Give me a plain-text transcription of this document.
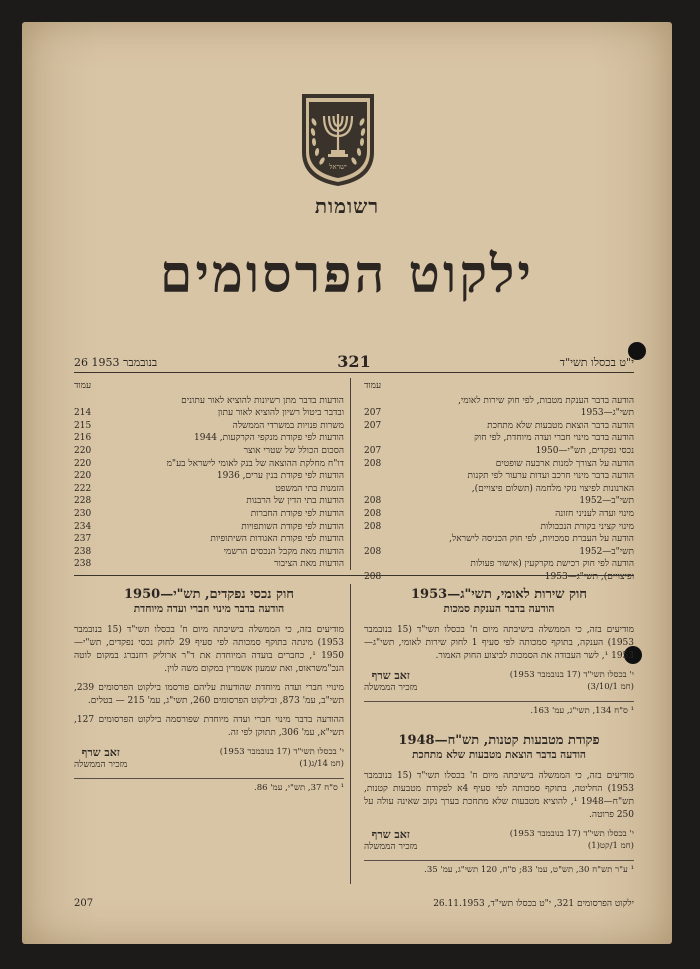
ישראל
רשומות
ילקוט הפרסומים
26 בנובמבר 1953	321	י"ט בכסלו תשי"ד
עמוד
הודעה בדבר הענקת מטבות, לפי חוק שירות לאומי,
207	תשי"ג—1953
207	הודעה בדבר הוצאת מטבעות שלא מתחכת
הודעה בדבר מינוי חברי ועדה מיוחדת, לפי חוק
207	נכסי נפקדים, תש"י—1950
208	הודעה על הצורך למנות ארבעה שופטים
הודעה בדבר מינוי חרכב ועדות ערעור לפי תקנות
הארנונות לפיצוי נזקי מלחמה (תשלום פיצויים),
208	תשי"ב—1952
208	מינוי ועדה לעניני חזונה
208	מינוי קציני בקורת הנכבולות
הודעה על העברת סמכויות, לפי חוק הכניסה לישראל,
208	תשי"ב—1952
הודעה לפי חוק רכישת מקרקעין (אישור פעולות
208	ופיצויים), תשי"ג—1953
עמוד
הודעות בדבר מתן רשיונות להוציא לאור עתונים
214	ובדבר ביטול רשיון להוציא לאור עתון
215	משרות פנויות במשרדי הממשלה
216	הודעות לפי פקודת מנקפי הקרקעות, 1944
220	הסכום הכולל של שטרי אוצר
220	דו"ח מחלקת ההוצאה של בנק לאומי לישראל בע"מ
220	הודעות לפי פקודת בנין ערים, 1936
222	הזמנות בתי המשפט
228	הודעות בתי הדין של הרבנות
230	הודעות לפי פקודת החברות
234	הודעות לפי פקודת השותפויות
237	הודעות לפי פקודת האגודות השיתופיות
238	הודעות מאת מקבל הנכסים הרשמי
238	הודעות מאת הציבור
חוק שירות לאומי, תשי"ג—1953
הודעה בדבר הענקת סמכות

מודיעים בזה, כי הממשלה בישיבתה מיום ח' בכסלו תשי"ד (15 בנובמבר 1953) הענקה, בתוקף סמכותה לפי סעיף 1 לחוק שירות לאומי, תשי"ג—1953 ¹, לשר העבודה את הסמכות לביצוע החוק האמור.

י' בכסלו תשי"ד (17 בנובמבר 1953)
(חמ 3/10/1)
זאב שרף
מזכיר הממשלה
¹ ס"ח 134, תשי"ג, עמ' 163.
פקודת מטבעות קטנות, תש"ח—1948
הודעה בדבר הוצאת מטבעות שלא מתחכת

מודיעים בזה, כי הממשלה בישיבתה מיום ח' בכסלו תשי"ד (15 בנובמבר 1953) החליטה, בתוקף סמכותה לפי סעיף 4א לפקודת מטבעות קטנות, תש"ח—1948 ¹, להוציא מטבעות שלא מתחכת בערך נקוב שאינה עולה על 250 פרוטה.

י' בכסלו תשי"ד (17 בנובמבר 1953)
(חמ 1/קט(1)
זאב שרף
מזכיר הממשלה
¹ ע"ר תש"ח 30, תש"ט, עמ' 83; ס"ח, 120 תשי"ג, עמ' 35.
חוק נכסי נפקדים, תש"י—1950
הודעה בדבר מינוי חברי ועדה מיוחדת

מודיעים בזה, כי הממשלה בישיבתה מיום ח' בכסלו תשי"ד (15 בנובמבר 1953) מינתה בתוקף סמכותה לפי סעיף 29 לחוק נכסי נפקדים, תש"י—1950 ¹, כחברים בועדה המיוחדת את ד"ר ארוליק רוזנברג במקום לוטה הנכ"משראוס, ואת שמעון אשמרין במקום משה לוין.

מינויי חברי ועדה מיוחדת שהודעות עליהם פורסמו בילקוט הפרסומים 239, תשי"ב, עמ' 873, ובילקוט הפרסומים 260, תשי"ג, עמ' 215 — בטלים.

ההודעה בדבר מינוי חברי ועדה מיוחדת שפורסמה בילקוט הפרסומים 127, תשי"א, עמ' 306, תתוקן לפי זה.

י' בכסלו תשי"ד (17 בנובמבר 1953)
(חמ 14/ג(1)
זאב שרף
מזכיר הממשלה
¹ ס"ח 37, תש"י, עמ' 86.
207	ילקוט הפרסומים 321, י"ט בכסלו תשי"ד, 26.11.1953
